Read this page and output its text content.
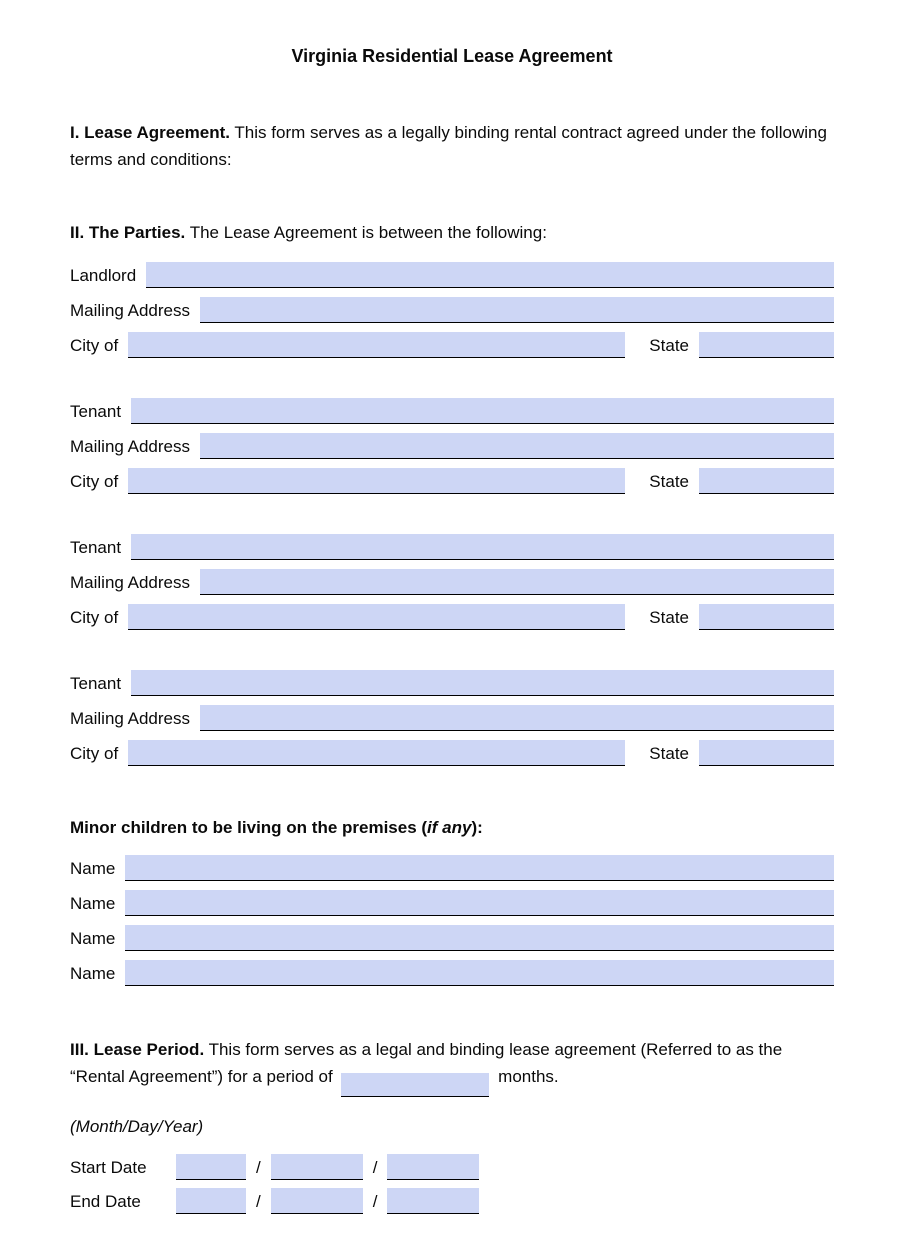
Virginia Residential Lease Agreement
I. Lease Agreement. This form serves as a legally binding rental contract agreed under the following terms and conditions:
II. The Parties. The Lease Agreement is between the following:
Landlord
Mailing Address
City of	State
Tenant
Mailing Address
City of	State
Tenant
Mailing Address
City of	State
Tenant
Mailing Address
City of	State
Minor children to be living on the premises (if any):
Name
Name
Name
Name
III. Lease Period. This form serves as a legal and binding lease agreement (Referred to as the “Rental Agreement”) for a period of	months.
(Month/Day/Year)
Start Date	/	/
End Date	/	/
